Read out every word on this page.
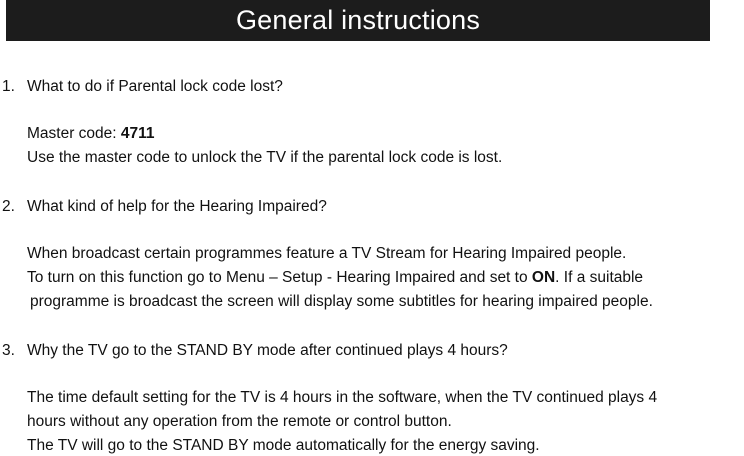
General instructions
1. What to do if Parental lock code lost?
Master code: 4711
Use the master code to unlock the TV if the parental lock code is lost.
2. What kind of help for the Hearing Impaired?
When broadcast certain programmes feature a TV Stream for Hearing Impaired people.
To turn on this function go to Menu – Setup - Hearing Impaired and set to ON. If a suitable
programme is broadcast the screen will display some subtitles for hearing impaired people.
3. Why the TV go to the STAND BY mode after continued plays 4 hours?
The time default setting for the TV is 4 hours in the software, when the TV continued plays 4
hours without any operation from the remote or control button.
The TV will go to the STAND BY mode automatically for the energy saving.
